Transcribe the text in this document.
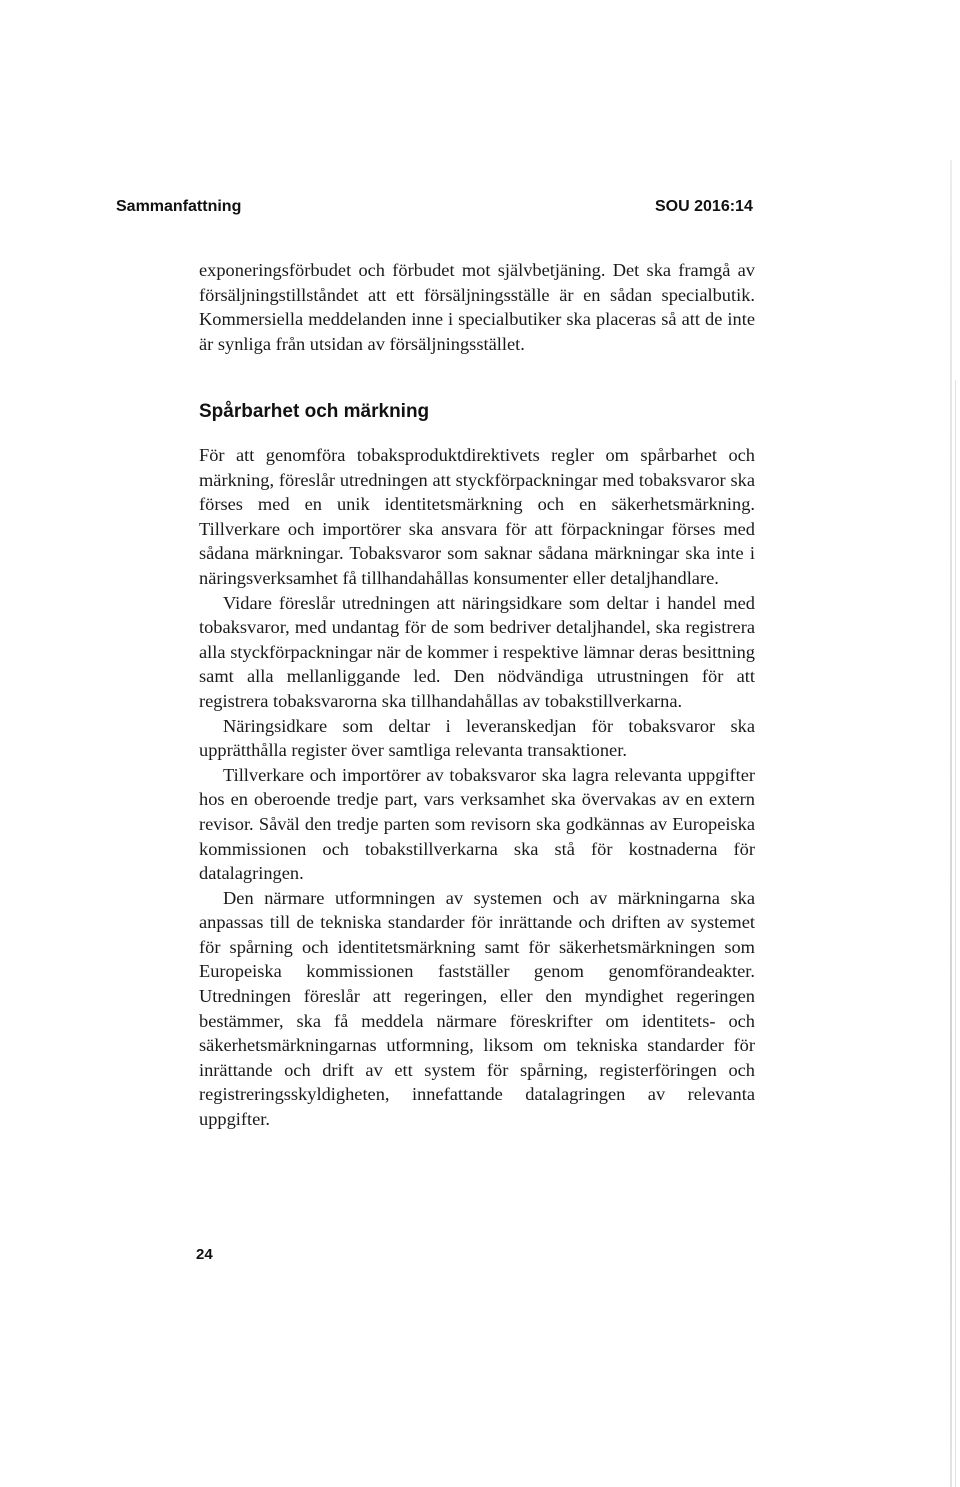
Sammanfattning	SOU 2016:14

exponeringsförbudet och förbudet mot självbetjäning. Det ska framgå av försäljningstillståndet att ett försäljningsställe är en sådan specialbutik. Kommersiella meddelanden inne i specialbutiker ska placeras så att de inte är synliga från utsidan av försäljningsstället.

Spårbarhet och märkning

För att genomföra tobaksproduktdirektivets regler om spårbarhet och märkning, föreslår utredningen att styckförpackningar med tobaksvaror ska förses med en unik identitetsmärkning och en säkerhetsmärkning. Tillverkare och importörer ska ansvara för att förpackningar förses med sådana märkningar. Tobaksvaror som saknar sådana märkningar ska inte i näringsverksamhet få tillhandahållas konsumenter eller detaljhandlare.

Vidare föreslår utredningen att näringsidkare som deltar i handel med tobaksvaror, med undantag för de som bedriver detaljhandel, ska registrera alla styckförpackningar när de kommer i respektive lämnar deras besittning samt alla mellanliggande led. Den nödvändiga utrustningen för att registrera tobaksvarorna ska tillhandahållas av tobakstillverkarna.

Näringsidkare som deltar i leveranskedjan för tobaksvaror ska upprätthålla register över samtliga relevanta transaktioner.

Tillverkare och importörer av tobaksvaror ska lagra relevanta uppgifter hos en oberoende tredje part, vars verksamhet ska övervakas av en extern revisor. Såväl den tredje parten som revisorn ska godkännas av Europeiska kommissionen och tobakstillverkarna ska stå för kostnaderna för datalagringen.

Den närmare utformningen av systemen och av märkningarna ska anpassas till de tekniska standarder för inrättande och driften av systemet för spårning och identitetsmärkning samt för säkerhetsmärkningen som Europeiska kommissionen fastställer genom genomförandeakter. Utredningen föreslår att regeringen, eller den myndighet regeringen bestämmer, ska få meddela närmare föreskrifter om identitets- och säkerhetsmärkningarnas utformning, liksom om tekniska standarder för inrättande och drift av ett system för spårning, registerföringen och registreringsskyldigheten, innefattande datalagringen av relevanta uppgifter.

24
